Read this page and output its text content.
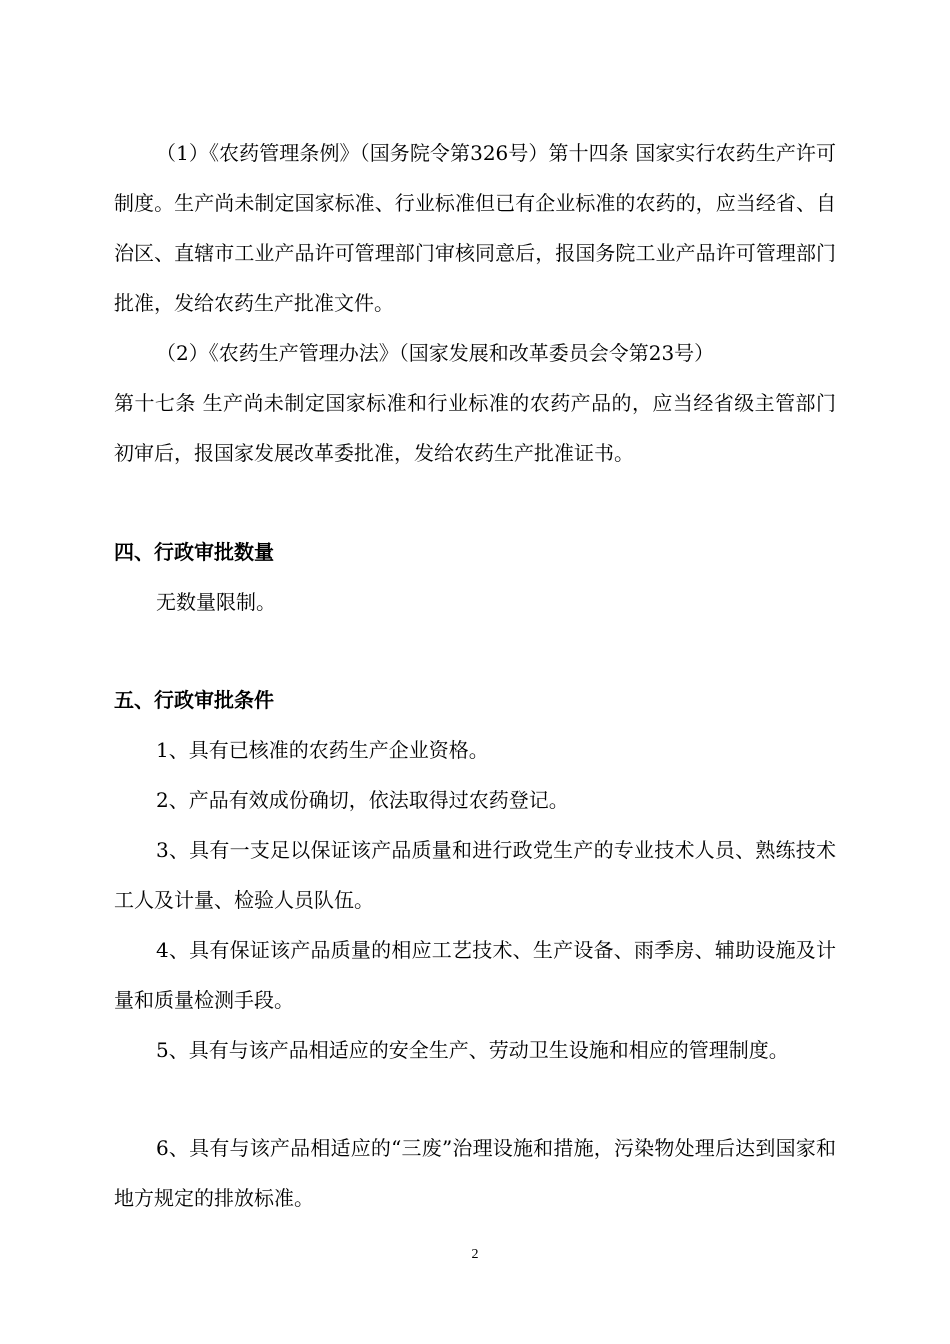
（1）《农药管理条例》（国务院令第326号）第十四条 国家实行农药生产许可制度。生产尚未制定国家标准、行业标准但已有企业标准的农药的，应当经省、自治区、直辖市工业产品许可管理部门审核同意后，报国务院工业产品许可管理部门批准，发给农药生产批准文件。

（2）《农药生产管理办法》（国家发展和改革委员会令第23号）

第十七条 生产尚未制定国家标准和行业标准的农药产品的，应当经省级主管部门初审后，报国家发展改革委批准，发给农药生产批准证书。

四、行政审批数量

无数量限制。

五、行政审批条件

1、具有已核准的农药生产企业资格。

2、产品有效成份确切，依法取得过农药登记。

3、具有一支足以保证该产品质量和进行政党生产的专业技术人员、熟练技术工人及计量、检验人员队伍。

4、具有保证该产品质量的相应工艺技术、生产设备、雨季房、辅助设施及计量和质量检测手段。

5、具有与该产品相适应的安全生产、劳动卫生设施和相应的管理制度。

6、具有与该产品相适应的“三废”治理设施和措施，污染物处理后达到国家和地方规定的排放标准。

2
